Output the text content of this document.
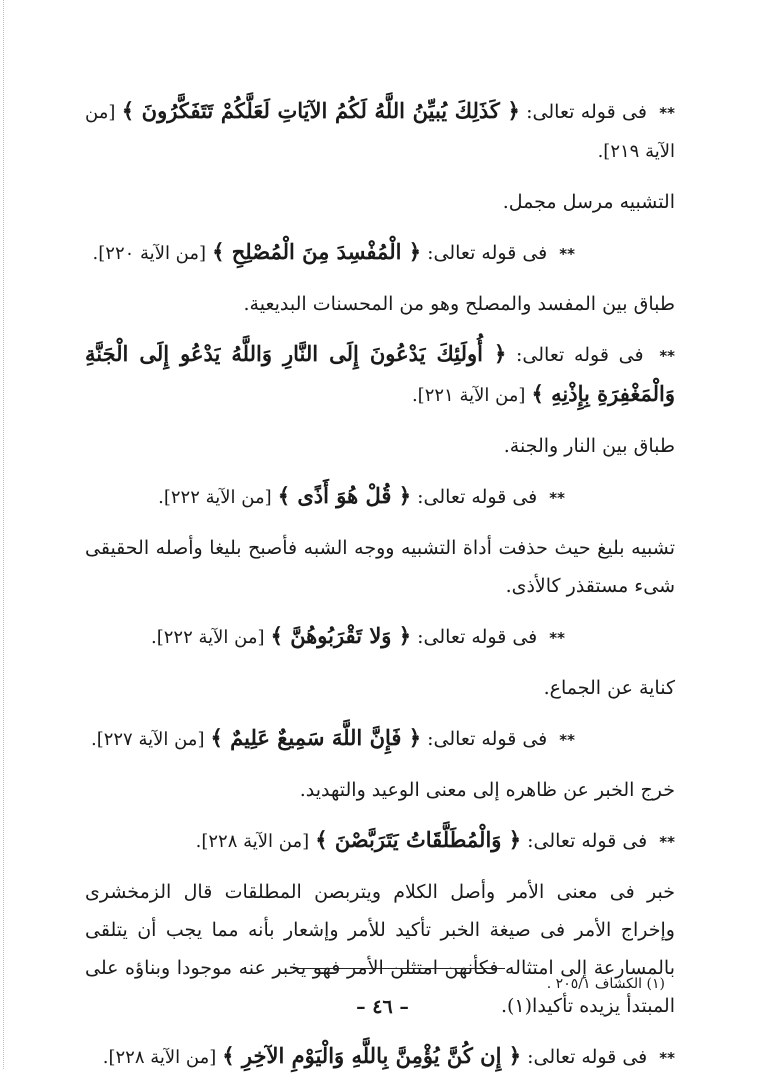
** فى قوله تعالى: ﴿ كَذَلِكَ يُبيِّنُ اللَّهُ لَكُمُ الآيَاتِ لَعَلَّكُمْ تَتَفَكَّرُونَ ﴾ [من الآية ٢١٩].

التشبيه مرسل مجمل.

** فى قوله تعالى: ﴿ الْمُفْسِدَ مِنَ الْمُصْلِحِ ﴾ [من الآية ٢٢٠].

طباق بين المفسد والمصلح وهو من المحسنات البديعية.

** فى قوله تعالى: ﴿ أُولَئِكَ يَدْعُونَ إِلَى النَّارِ وَاللَّهُ يَدْعُو إِلَى الْجَنَّةِ وَالْمَغْفِرَةِ بِإِذْنِهِ ﴾ [من الآية ٢٢١].

طباق بين النار والجنة.

** فى قوله تعالى: ﴿ قُلْ هُوَ أَذًى ﴾ [من الآية ٢٢٢].

تشبيه بليغ حيث حذفت أداة التشبيه ووجه الشبه فأصبح بليغا وأصله الحقيقى شىء مستقذر كالأذى.

** فى قوله تعالى: ﴿ وَلا تَقْرَبُوهُنَّ ﴾ [من الآية ٢٢٢].

كناية عن الجماع.

** فى قوله تعالى: ﴿ فَإِنَّ اللَّهَ سَمِيعٌ عَلِيمٌ ﴾ [من الآية ٢٢٧].

خرج الخبر عن ظاهره إلى معنى الوعيد والتهديد.

** فى قوله تعالى: ﴿ وَالْمُطَلَّقَاتُ يَتَرَبَّصْنَ ﴾ [من الآية ٢٢٨].

خبر فى معنى الأمر وأصل الكلام ويتربصن المطلقات قال الزمخشرى وإخراج الأمر فى صيغة الخبر تأكيد للأمر وإشعار بأنه مما يجب أن يتلقى بالمسارعة إلى امتثاله فكأنهن امتثلن الأمر فهو يخبر عنه موجودا وبناؤه على المبتدأ يزيده تأكيدا(١).

** فى قوله تعالى: ﴿ إِن كُنَّ يُؤْمِنَّ بِاللَّهِ وَالْيَوْمِ الآخِرِ ﴾ [من الآية ٢٢٨].

(١) الكشاف ٢٠٥/١ .
– ٤٦ –
